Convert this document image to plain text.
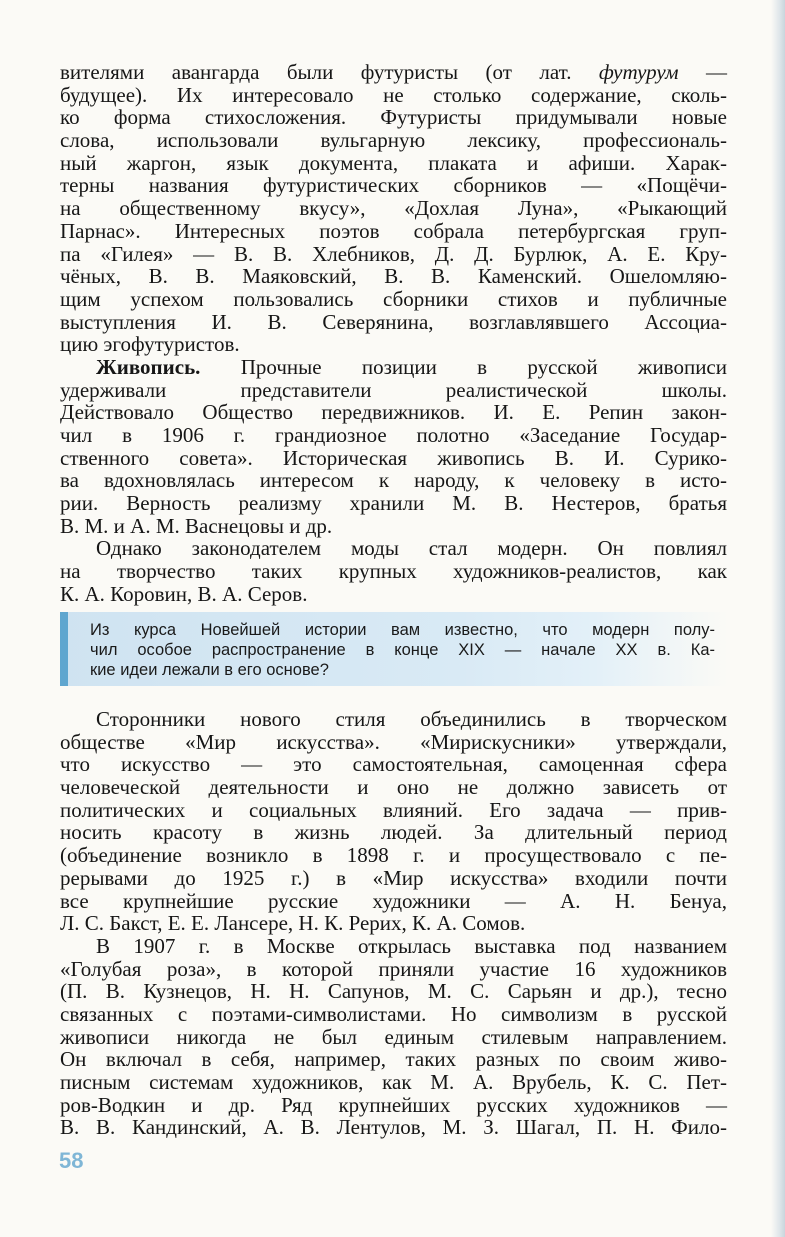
вителями авангарда были футуристы (от лат. футурум —
будущее). Их интересовало не столько содержание, сколь-
ко форма стихосложения. Футуристы придумывали новые
слова, использовали вульгарную лексику, профессиональ-
ный жаргон, язык документа, плаката и афиши. Харак-
терны названия футуристических сборников — «Пощёчи-
на общественному вкусу», «Дохлая Луна», «Рыкающий
Парнас». Интересных поэтов собрала петербургская груп-
па «Гилея» — В. В. Хлебников, Д. Д. Бурлюк, А. Е. Кру-
чёных, В. В. Маяковский, В. В. Каменский. Ошеломляю-
щим успехом пользовались сборники стихов и публичные
выступления И. В. Северянина, возглавлявшего Ассоциа-
цию эгофутуристов.

Живопись. Прочные позиции в русской живописи
удерживали представители реалистической школы.
Действовало Общество передвижников. И. Е. Репин закон-
чил в 1906 г. грандиозное полотно «Заседание Государ-
ственного совета». Историческая живопись В. И. Сурико-
ва вдохновлялась интересом к народу, к человеку в исто-
рии. Верность реализму хранили М. В. Нестеров, братья
В. М. и А. М. Васнецовы и др.

Однако законодателем моды стал модерн. Он повлиял
на творчество таких крупных художников-реалистов, как
К. А. Коровин, В. А. Серов.

Из курса Новейшей истории вам известно, что модерн полу-
чил особое распространение в конце XIX — начале XX в. Ка-
кие идеи лежали в его основе?

Сторонники нового стиля объединились в творческом
обществе «Мир искусства». «Мирискусники» утверждали,
что искусство — это самостоятельная, самоценная сфера
человеческой деятельности и оно не должно зависеть от
политических и социальных влияний. Его задача — прив-
носить красоту в жизнь людей. За длительный период
(объединение возникло в 1898 г. и просуществовало с пе-
рерывами до 1925 г.) в «Мир искусства» входили почти
все крупнейшие русские художники — А. Н. Бенуа,
Л. С. Бакст, Е. Е. Лансере, Н. К. Рерих, К. А. Сомов.

В 1907 г. в Москве открылась выставка под названием
«Голубая роза», в которой приняли участие 16 художников
(П. В. Кузнецов, Н. Н. Сапунов, М. С. Сарьян и др.), тесно
связанных с поэтами-символистами. Но символизм в русской
живописи никогда не был единым стилевым направлением.
Он включал в себя, например, таких разных по своим живо-
писным системам художников, как М. А. Врубель, К. С. Пет-
ров-Водкин и др. Ряд крупнейших русских художников —
В. В. Кандинский, А. В. Лентулов, М. З. Шагал, П. Н. Фило-

58
